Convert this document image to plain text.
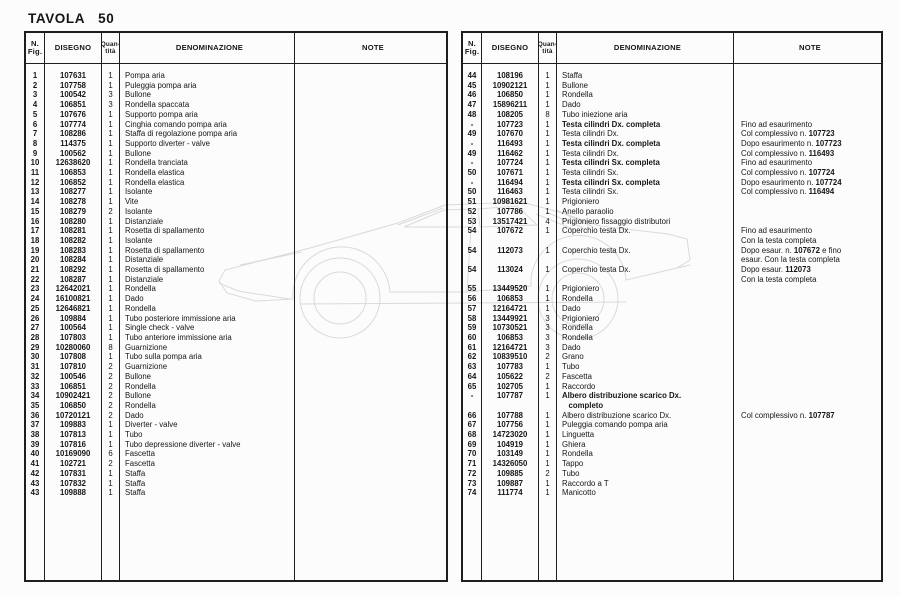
TAVOLA 50
N.
Fig.	DISEGNO	Quan-
tità	DENOMINAZIONE	NOTE
1	107631	1	Pompa aria
2	107758	1	Puleggia pompa aria
3	100542	3	Bullone
4	106851	3	Rondella spaccata
5	107676	1	Supporto pompa aria
6	107774	1	Cinghia comando pompa aria
7	108286	1	Staffa di regolazione pompa aria
8	114375	1	Supporto diverter - valve
9	100562	1	Bullone
10	12638620	1	Rondella tranciata
11	106853	1	Rondella elastica
12	106852	1	Rondella elastica
13	108277	1	Isolante
14	108278	1	Vite
15	108279	2	Isolante
16	108280	1	Distanziale
17	108281	1	Rosetta di spallamento
18	108282	1	Isolante
19	108283	1	Rosetta di spallamento
20	108284	1	Distanziale
21	108292	1	Rosetta di spallamento
22	108287	1	Distanziale
23	12642021	1	Rondella
24	16100821	1	Dado
25	12646821	1	Rondella
26	109884	1	Tubo posteriore immissione aria
27	100564	1	Single check - valve
28	107803	1	Tubo anteriore immissione aria
29	10280060	8	Guarnizione
30	107808	1	Tubo sulla pompa aria
31	107810	2	Guarnizione
32	100546	2	Bullone
33	106851	2	Rondella
34	10902421	2	Bullone
35	106850	2	Rondella
36	10720121	2	Dado
37	109883	1	Diverter - valve
38	107813	1	Tubo
39	107816	1	Tubo depressione diverter - valve
40	10169090	6	Fascetta
41	102721	2	Fascetta
42	107831	1	Staffa
43	107832	1	Staffa
43	109888	1	Staffa
N.
Fig.	DISEGNO	Quan-
tità	DENOMINAZIONE	NOTE
44	108196	1	Staffa
45	10902121	1	Bullone
46	106850	1	Rondella
47	15896211	1	Dado
48	108205	8	Tubo iniezione aria
-	107723	1	Testa cilindri Dx. completa	Fino ad esaurimento
49	107670	1	Testa cilindri Dx.	Col complessivo n. 107723
-	116493	1	Testa cilindri Dx. completa	Dopo esaurimento n. 107723
49	116462	1	Testa cilindri Dx.	Col complessivo n. 116493
-	107724	1	Testa cilindri Sx. completa	Fino ad esaurimento
50	107671	1	Testa cilindri Sx.	Col complessivo n. 107724
-	116494	1	Testa cilindri Sx. completa	Dopo esaurimento n. 107724
50	116463	1	Testa cilindri Sx.	Col complessivo n. 116494
51	10981621	1	Prigioniero
52	107786	1	Anello paraolio
53	13517421	4	Prigioniero fissaggio distributori
54	107672	1	Coperchio testa Dx.	Fino ad esaurimento
Con la testa completa
54	112073	1	Coperchio testa Dx.	Dopo esaur. n. 107672 e fino
esaur. Con la testa completa
54	113024	1	Coperchio testa Dx.	Dopo esaur. 112073
Con la testa completa
55	13449520	1	Prigioniero
56	106853	1	Rondella
57	12164721	1	Dado
58	13449921	3	Prigioniero
59	10730521	3	Rondella
60	106853	3	Rondella
61	12164721	3	Dado
62	10839510	2	Grano
63	107783	1	Tubo
64	105622	2	Fascetta
65	102705	1	Raccordo
-	107787	1	Albero distribuzione scarico Dx.
completo
66	107788	1	Albero distribuzione scarico Dx.	Col complessivo n. 107787
67	107756	1	Puleggia comando pompa aria
68	14723020	1	Linguetta
69	104919	1	Ghiera
70	103149	1	Rondella
71	14326050	1	Tappo
72	109885	2	Tubo
73	109887	1	Raccordo a T
74	111774	1	Manicotto
